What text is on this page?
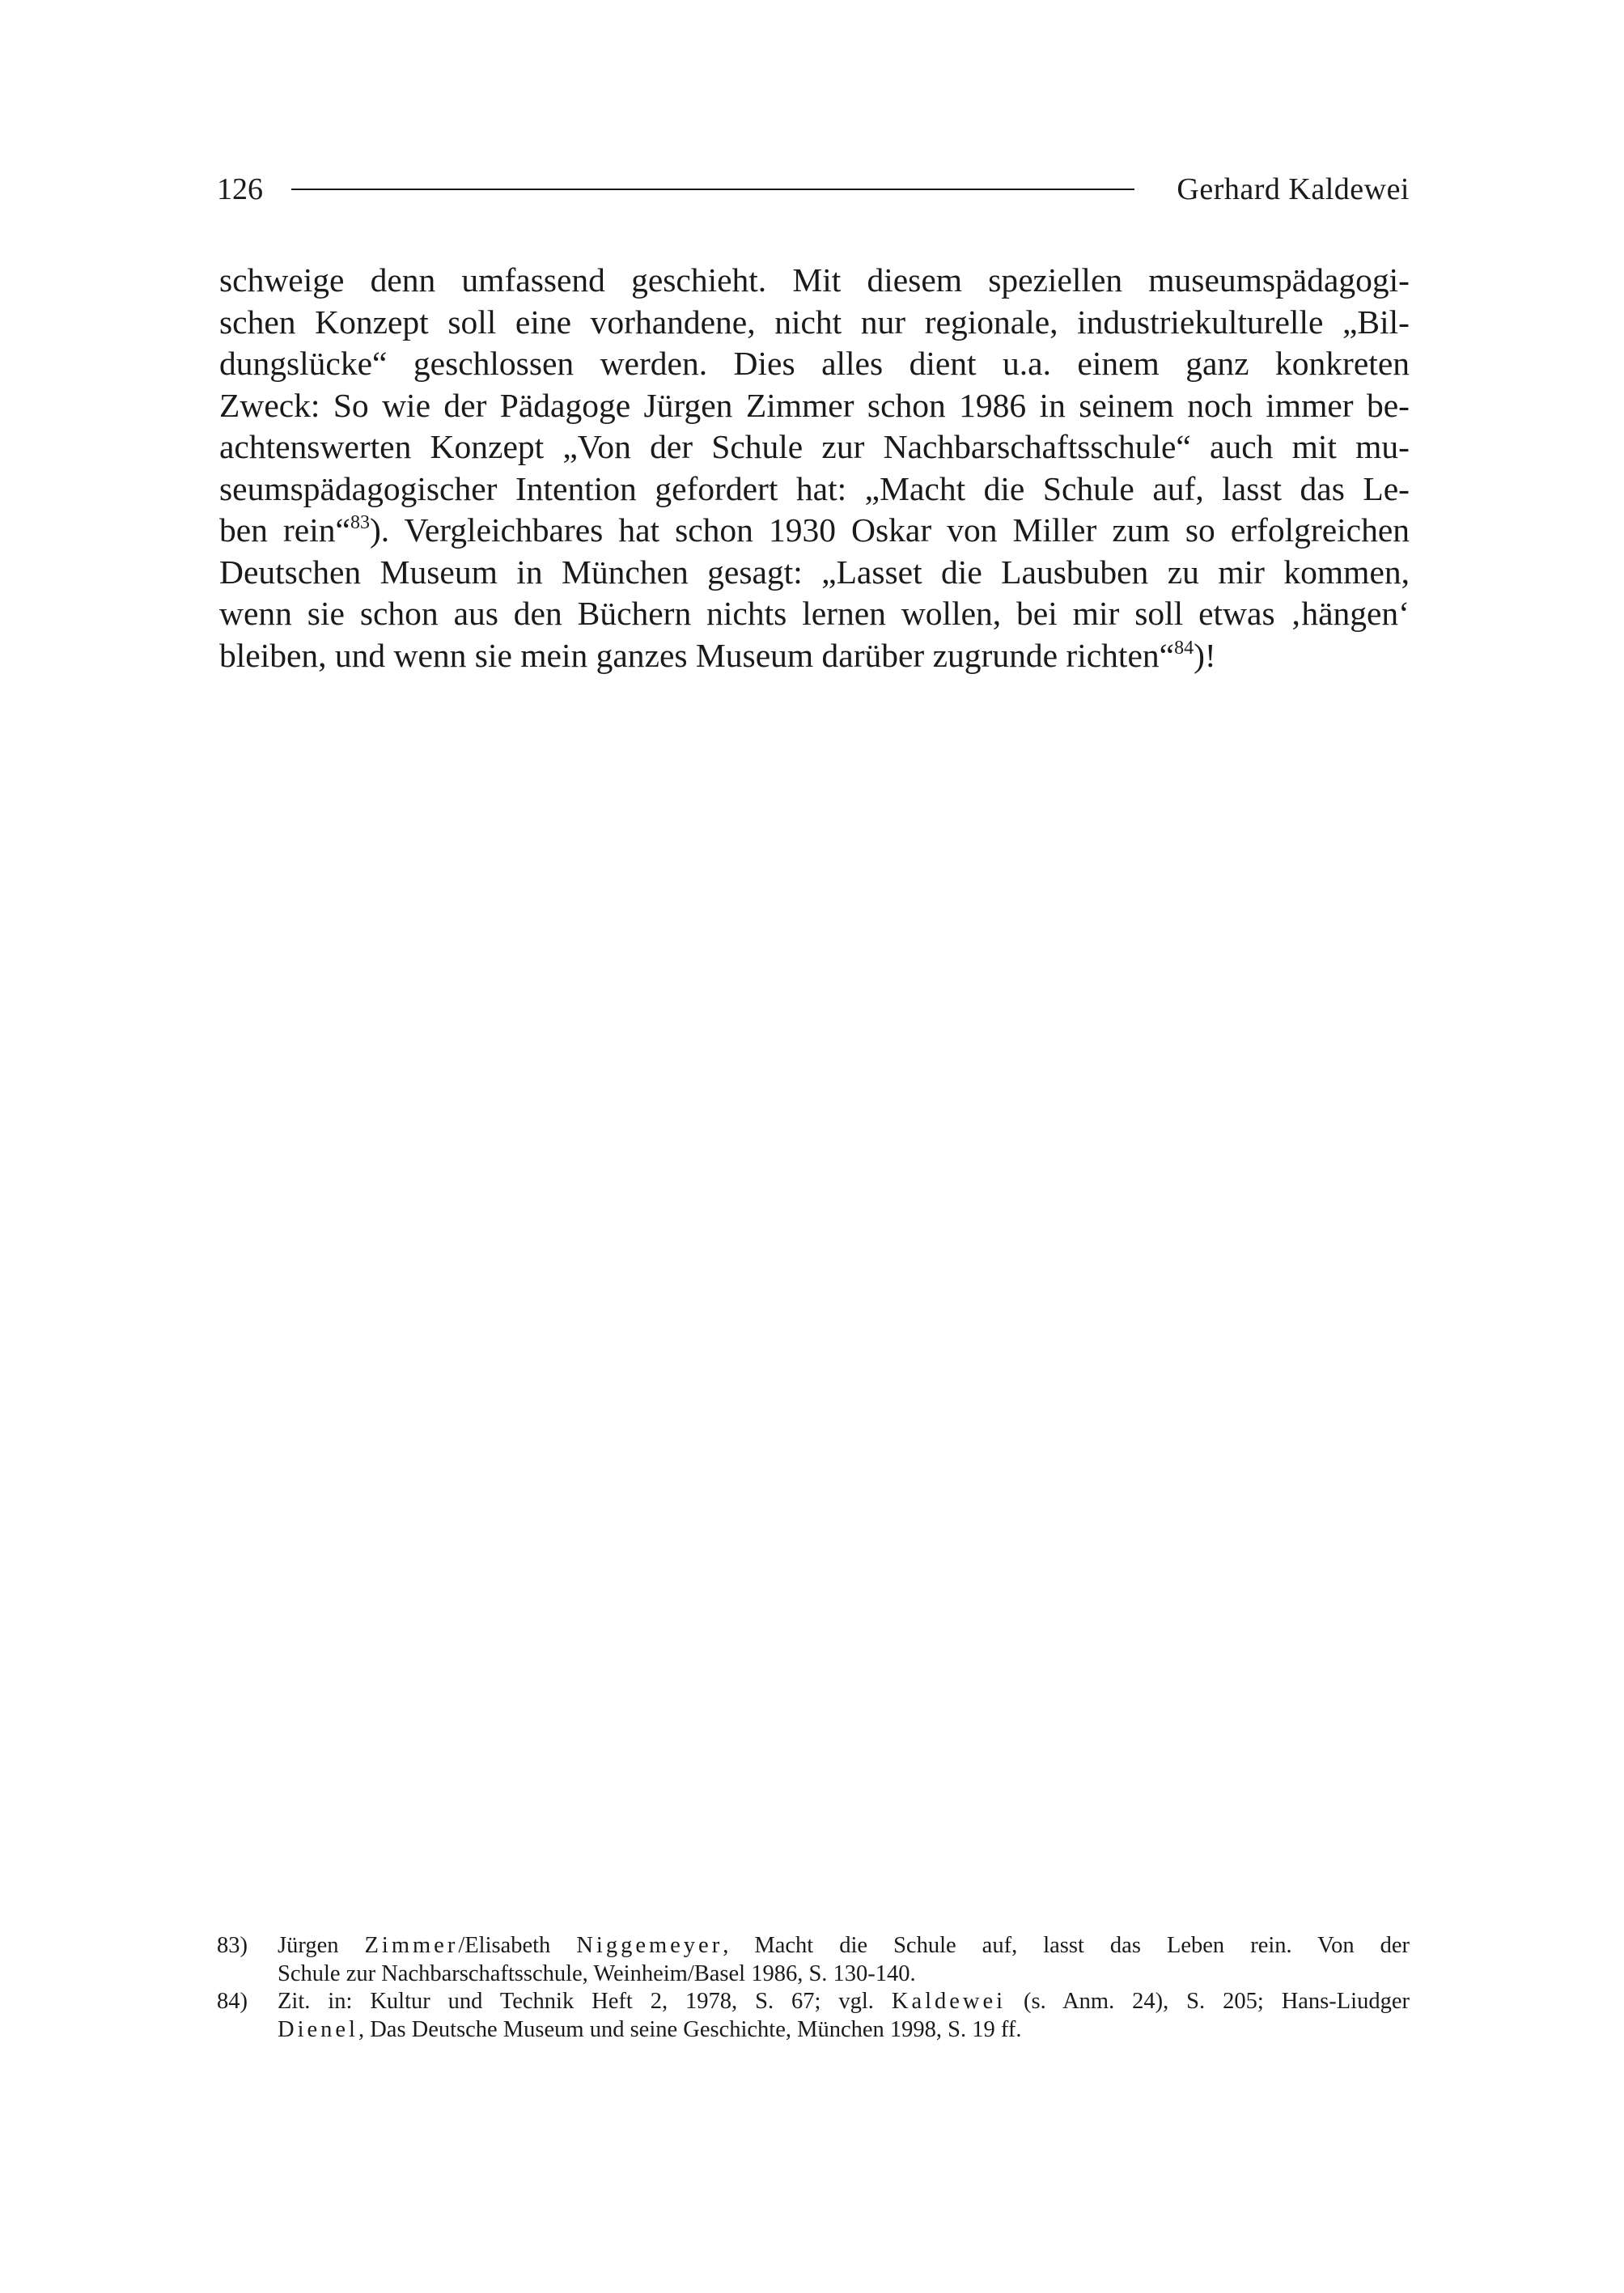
126	Gerhard Kaldewei
schweige denn umfassend geschieht. Mit diesem speziellen museumspädagogi-
schen Konzept soll eine vorhandene, nicht nur regionale, industriekulturelle „Bil-
dungslücke“ geschlossen werden. Dies alles dient u.a. einem ganz konkreten
Zweck: So wie der Pädagoge Jürgen Zimmer schon 1986 in seinem noch immer be-
achtenswerten Konzept „Von der Schule zur Nachbarschaftsschule“ auch mit mu-
seumspädagogischer Intention gefordert hat: „Macht die Schule auf, lasst das Le-
ben rein“$^{83}$). Vergleichbares hat schon 1930 Oskar von Miller zum so erfolgreichen
Deutschen Museum in München gesagt: „Lasset die Lausbuben zu mir kommen,
wenn sie schon aus den Büchern nichts lernen wollen, bei mir soll etwas ‚hängen‘
bleiben, und wenn sie mein ganzes Museum darüber zugrunde richten“$^{84}$)!
83) Jürgen Zimmer/Elisabeth Niggemeyer, Macht die Schule auf, lasst das Leben rein. Von der
Schule zur Nachbarschaftsschule, Weinheim/Basel 1986, S. 130-140.
84) Zit. in: Kultur und Technik Heft 2, 1978, S. 67; vgl. Kaldewei (s. Anm. 24), S. 205; Hans-Liudger
Dienel, Das Deutsche Museum und seine Geschichte, München 1998, S. 19 ff.
